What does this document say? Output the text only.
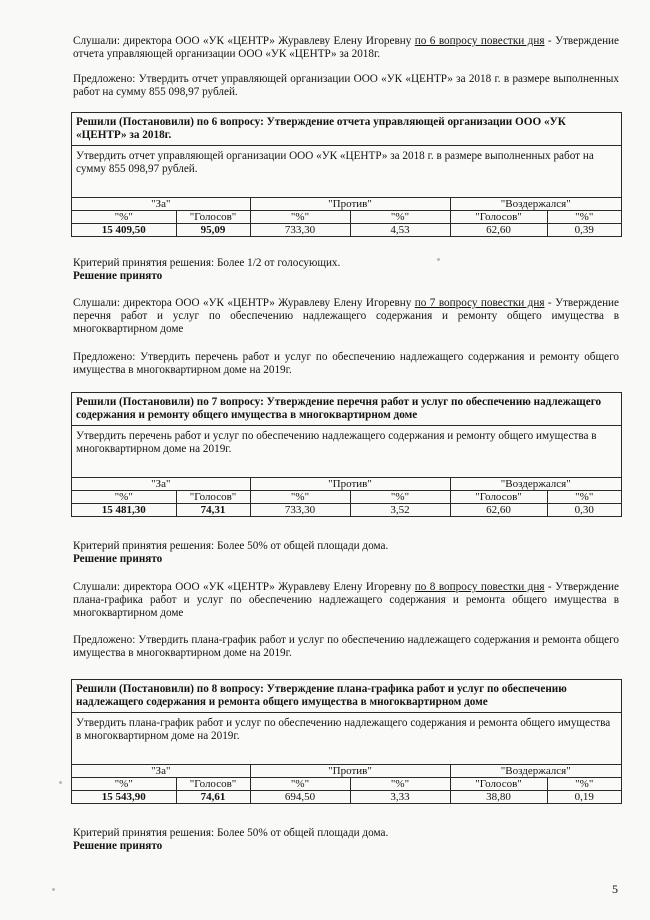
Слушали: директора ООО «УК «ЦЕНТР» Журавлеву Елену Игоревну по 6 вопросу повестки дня - Утверждение отчета управляющей организации ООО «УК «ЦЕНТР» за 2018г.
Предложено: Утвердить отчет управляющей организации ООО «УК «ЦЕНТР» за 2018 г. в размере выполненных работ на сумму 855 098,97 рублей.
Решили (Постановили) по 6 вопросу: Утверждение отчета управляющей организации ООО «УК «ЦЕНТР» за 2018г.
Утвердить отчет управляющей организации ООО «УК «ЦЕНТР» за 2018 г. в размере выполненных работ на сумму 855 098,97 рублей.
"За"		"Против"		"Воздержался"	
"%"	"Голосов"	"%"	"%"	"Голосов"	"%"
15 409,50	95,09	733,30	4,53	62,60	0,39
Критерий принятия решения: Более 1/2 от голосующих.
Решение принято
Слушали: директора ООО «УК «ЦЕНТР» Журавлеву Елену Игоревну по 7 вопросу повестки дня - Утверждение перечня работ и услуг по обеспечению надлежащего содержания и ремонту общего имущества в многоквартирном доме
Предложено: Утвердить перечень работ и услуг по обеспечению надлежащего содержания и ремонту общего имущества в многоквартирном доме на 2019г.
Решили (Постановили) по 7 вопросу: Утверждение перечня работ и услуг по обеспечению надлежащего содержания и ремонту общего имущества в многоквартирном доме
Утвердить перечень работ и услуг по обеспечению надлежащего содержания и ремонту общего имущества в многоквартирном доме на 2019г.
"За"		"Против"		"Воздержался"	
"%"	"Голосов"	"%"	"%"	"Голосов"	"%"
15 481,30	74,31	733,30	3,52	62,60	0,30
Критерий принятия решения: Более 50% от общей площади дома.
Решение принято
Слушали: директора ООО «УК «ЦЕНТР» Журавлеву Елену Игоревну по 8 вопросу повестки дня - Утверждение плана-графика работ и услуг по обеспечению надлежащего содержания и ремонта общего имущества в многоквартирном доме
Предложено: Утвердить плана-график работ и услуг по обеспечению надлежащего содержания и ремонта общего имущества в многоквартирном доме на 2019г.
Решили (Постановили) по 8 вопросу: Утверждение плана-графика работ и услуг по обеспечению надлежащего содержания и ремонта общего имущества в многоквартирном доме
Утвердить плана-график работ и услуг по обеспечению надлежащего содержания и ремонта общего имущества в многоквартирном доме на 2019г.
"За"		"Против"		"Воздержался"	
"%"	"Голосов"	"%"	"%"	"Голосов"	"%"
15 543,90	74,61	694,50	3,33	38,80	0,19
Критерий принятия решения: Более 50% от общей площади дома.
Решение принято
5
